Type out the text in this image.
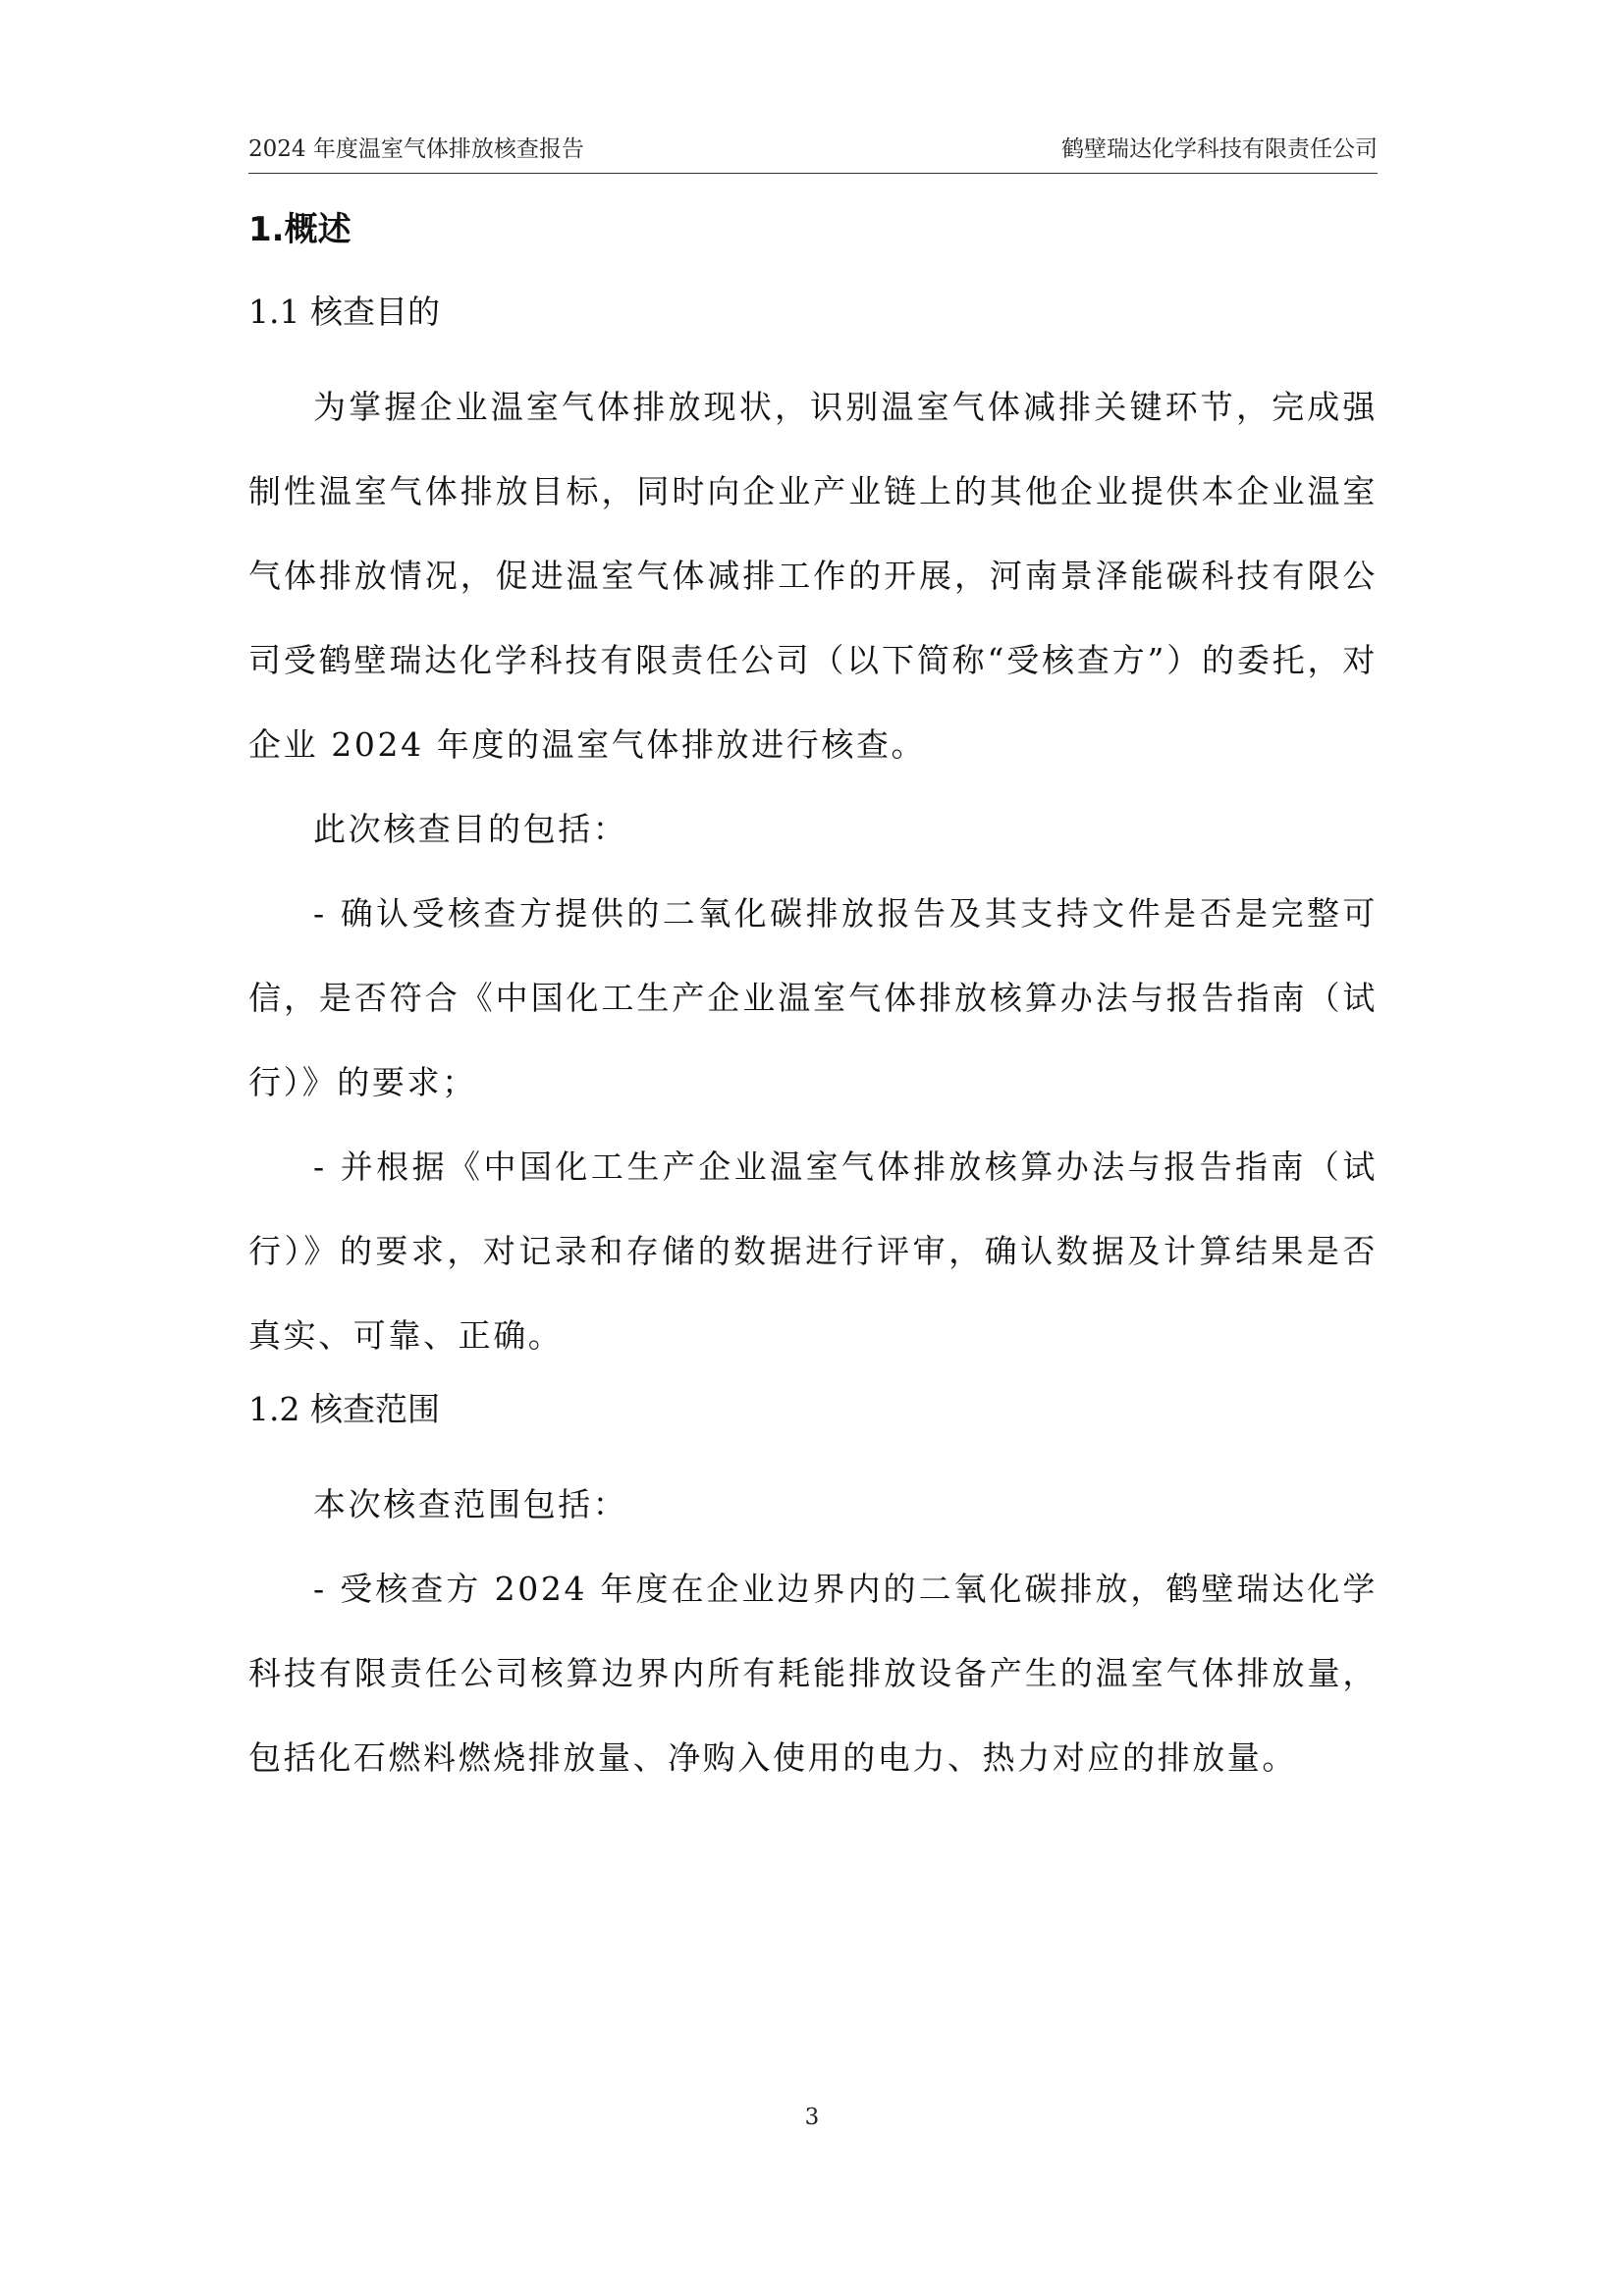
2024 年度温室气体排放核查报告	鹤壁瑞达化学科技有限责任公司
1.概述
1.1 核查目的

为掌握企业温室气体排放现状，识别温室气体减排关键环节，完成强制性温室气体排放目标，同时向企业产业链上的其他企业提供本企业温室气体排放情况，促进温室气体减排工作的开展，河南景泽能碳科技有限公司受鹤壁瑞达化学科技有限责任公司（以下简称“受核查方”）的委托，对企业 2024 年度的温室气体排放进行核查。

此次核查目的包括：

- 确认受核查方提供的二氧化碳排放报告及其支持文件是否是完整可信，是否符合《中国化工生产企业温室气体排放核算办法与报告指南（试行）》的要求；

- 并根据《中国化工生产企业温室气体排放核算办法与报告指南（试行）》的要求，对记录和存储的数据进行评审，确认数据及计算结果是否真实、可靠、正确。

1.2 核查范围

本次核查范围包括：

- 受核查方 2024 年度在企业边界内的二氧化碳排放，鹤壁瑞达化学科技有限责任公司核算边界内所有耗能排放设备产生的温室气体排放量，包括化石燃料燃烧排放量、净购入使用的电力、热力对应的排放量。

3
